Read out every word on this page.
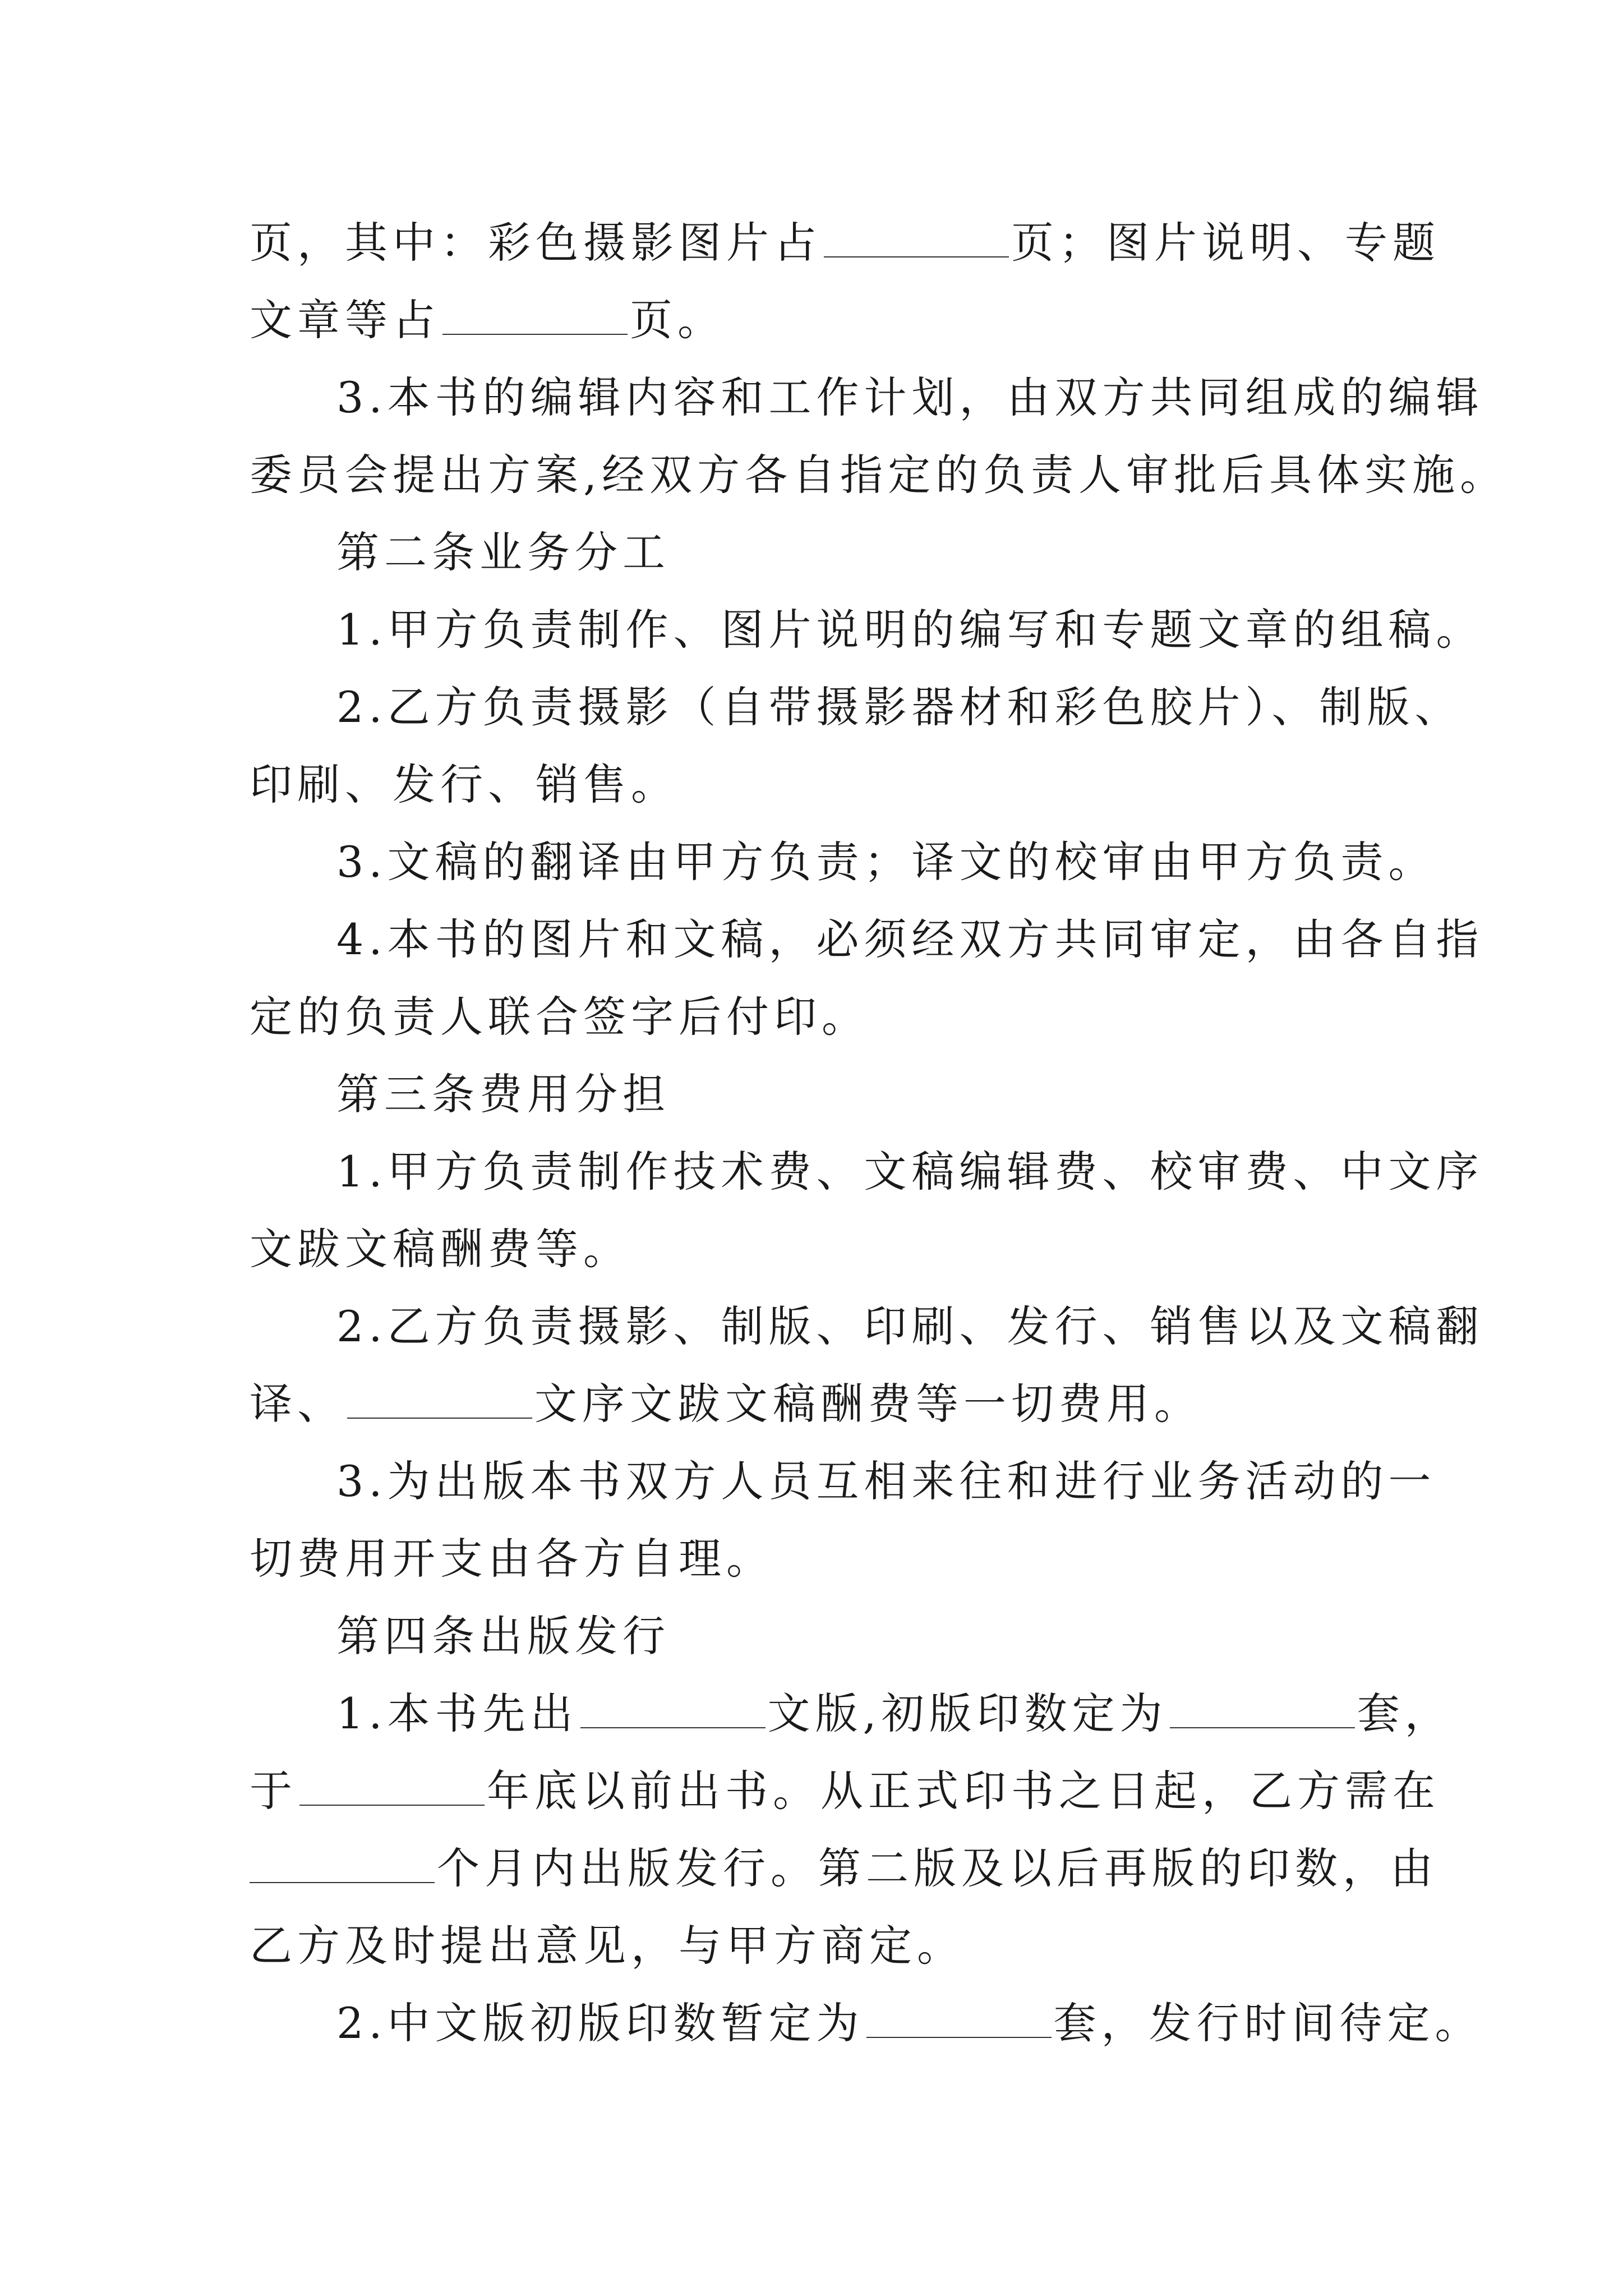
页，其中：彩色摄影图片占	页；图片说明、专题
文章等占	页。
3.本书的编辑内容和工作计划，由双方共同组成的编辑
委员会提出方案,经双方各自指定的负责人审批后具体实施。
第二条业务分工
1.甲方负责制作、图片说明的编写和专题文章的组稿。
2.乙方负责摄影（自带摄影器材和彩色胶片）、制版、
印刷、发行、销售。
3.文稿的翻译由甲方负责；译文的校审由甲方负责。
4.本书的图片和文稿，必须经双方共同审定，由各自指
定的负责人联合签字后付印。
第三条费用分担
1.甲方负责制作技术费、文稿编辑费、校审费、中文序
文跋文稿酬费等。
2.乙方负责摄影、制版、印刷、发行、销售以及文稿翻
译、	文序文跋文稿酬费等一切费用。
3.为出版本书双方人员互相来往和进行业务活动的一
切费用开支由各方自理。
第四条出版发行
1.本书先出	文版,初版印数定为	套，
于	年底以前出书。从正式印书之日起，乙方需在
个月内出版发行。第二版及以后再版的印数，由
乙方及时提出意见，与甲方商定。
2.中文版初版印数暂定为	套，发行时间待定。
